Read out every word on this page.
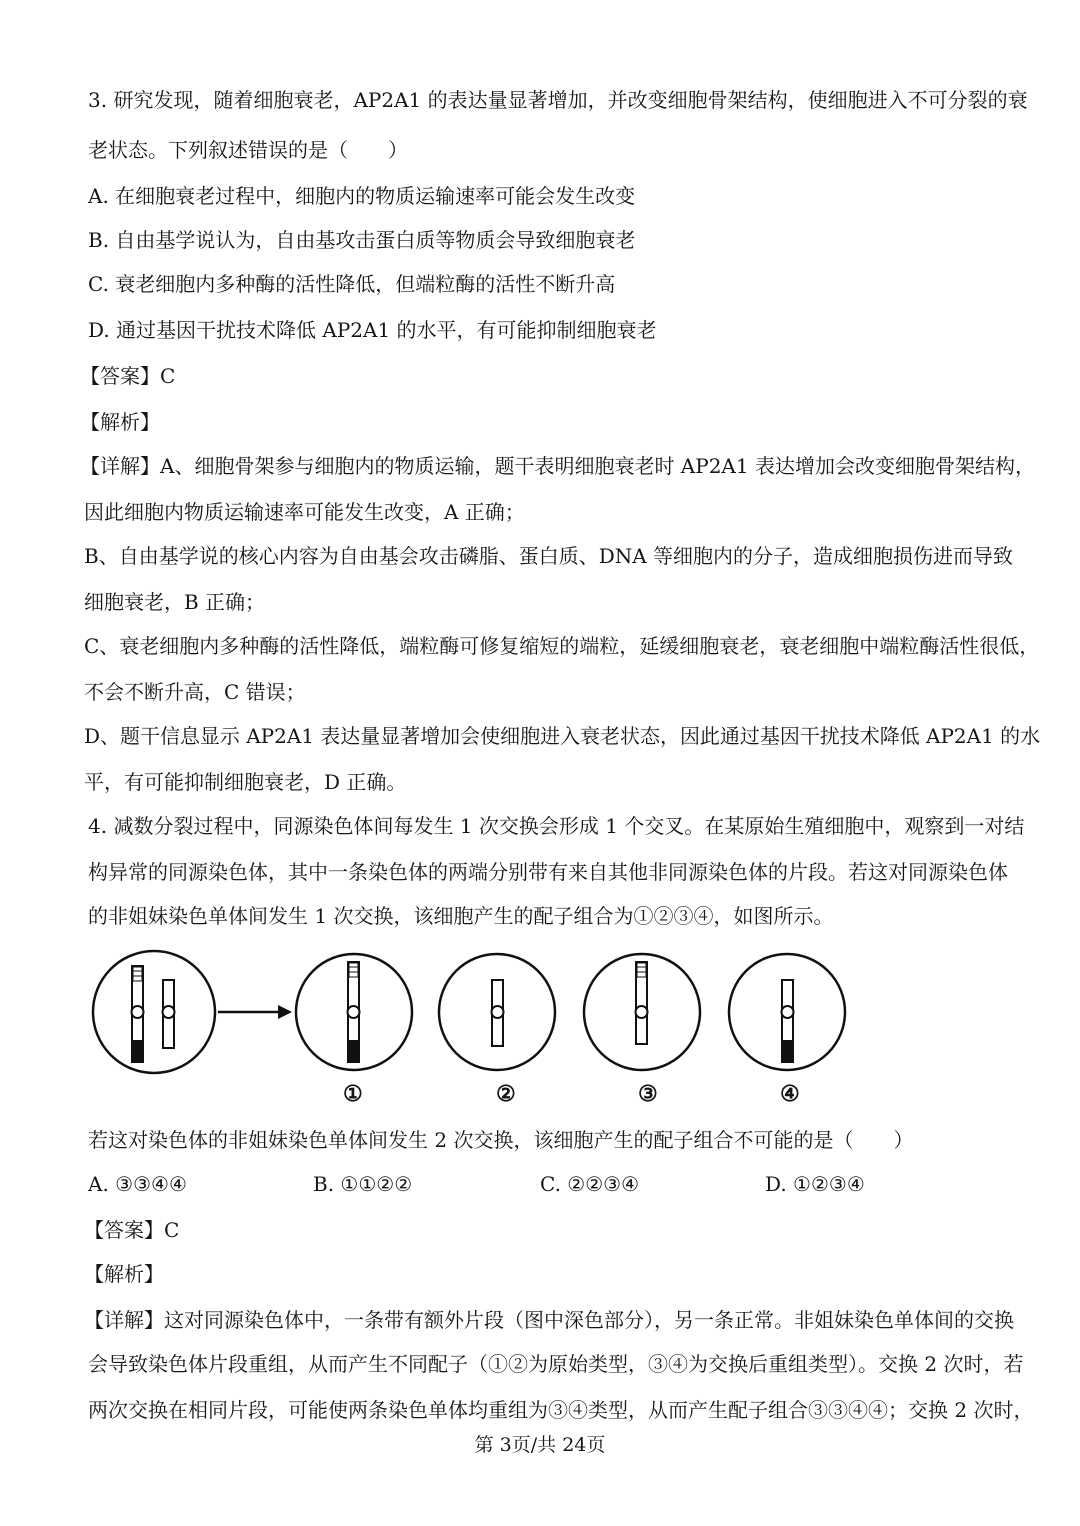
3. 研究发现，随着细胞衰老，AP2A1 的表达量显著增加，并改变细胞骨架结构，使细胞进入不可分裂的衰
老状态。下列叙述错误的是（　　）
A. 在细胞衰老过程中，细胞内的物质运输速率可能会发生改变
B. 自由基学说认为，自由基攻击蛋白质等物质会导致细胞衰老
C. 衰老细胞内多种酶的活性降低，但端粒酶的活性不断升高
D. 通过基因干扰技术降低 AP2A1 的水平，有可能抑制细胞衰老
【答案】C
【解析】
【详解】A、细胞骨架参与细胞内的物质运输，题干表明细胞衰老时 AP2A1 表达增加会改变细胞骨架结构，
因此细胞内物质运输速率可能发生改变，A 正确；
B、自由基学说的核心内容为自由基会攻击磷脂、蛋白质、DNA 等细胞内的分子，造成细胞损伤进而导致
细胞衰老，B 正确；
C、衰老细胞内多种酶的活性降低，端粒酶可修复缩短的端粒，延缓细胞衰老，衰老细胞中端粒酶活性很低，
不会不断升高，C 错误；
D、题干信息显示 AP2A1 表达量显著增加会使细胞进入衰老状态，因此通过基因干扰技术降低 AP2A1 的水
平，有可能抑制细胞衰老，D 正确。
4. 减数分裂过程中，同源染色体间每发生 1 次交换会形成 1 个交叉。在某原始生殖细胞中，观察到一对结
构异常的同源染色体，其中一条染色体的两端分别带有来自其他非同源染色体的片段。若这对同源染色体
的非姐妹染色单体间发生 1 次交换，该细胞产生的配子组合为①②③④，如图所示。
①	②	③	④
若这对染色体的非姐妹染色单体间发生 2 次交换，该细胞产生的配子组合不可能的是（　　）
A. ③③④④	B. ①①②②	C. ②②③④	D. ①②③④
【答案】C
【解析】
【详解】这对同源染色体中，一条带有额外片段（图中深色部分），另一条正常。非姐妹染色单体间的交换
会导致染色体片段重组，从而产生不同配子（①②为原始类型，③④为交换后重组类型）。交换 2 次时，若
两次交换在相同片段，可能使两条染色单体均重组为③④类型，从而产生配子组合③③④④；交换 2 次时，
第 3页/共 24页
